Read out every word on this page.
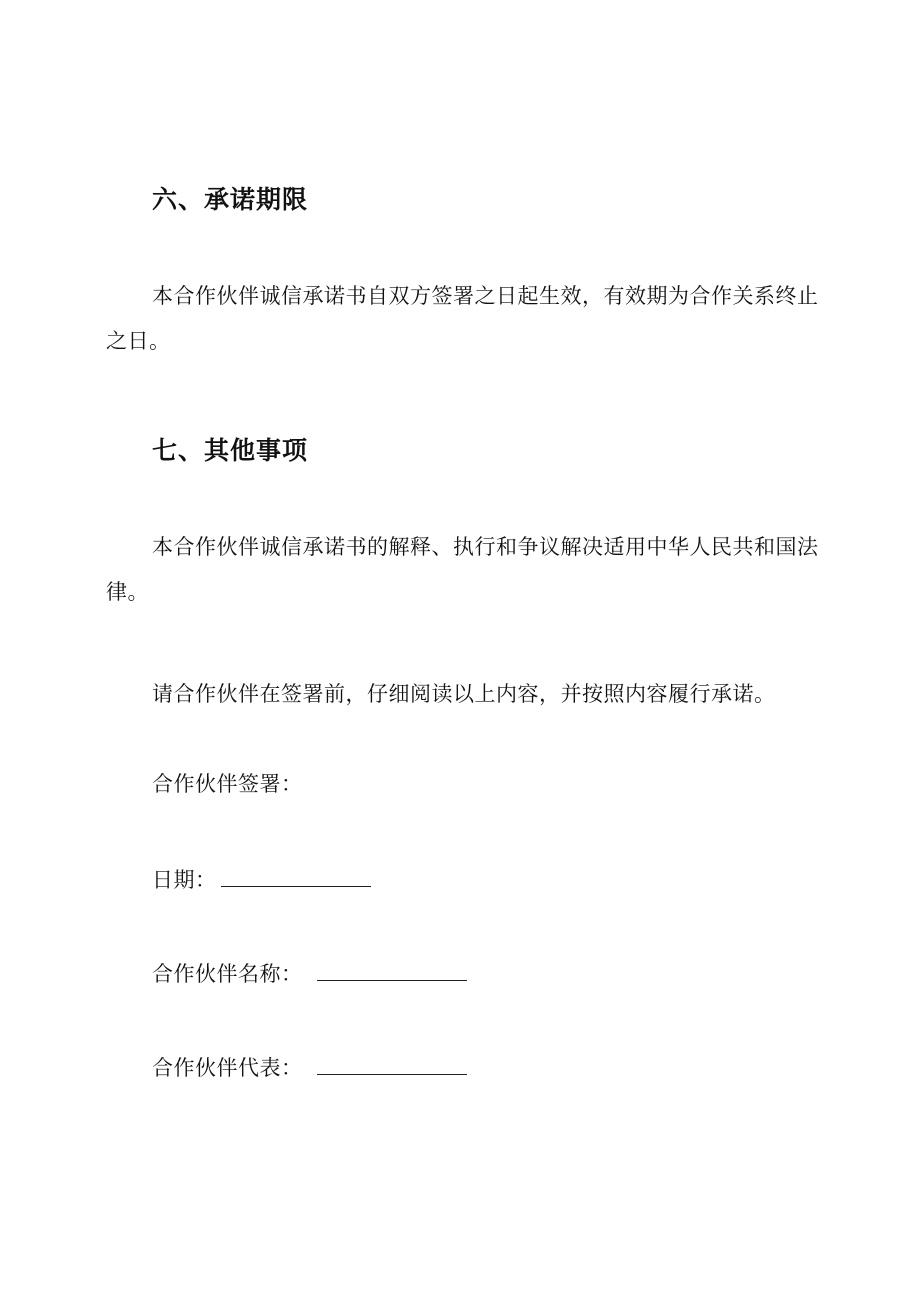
六、承诺期限

本合作伙伴诚信承诺书自双方签署之日起生效，有效期为合作关系终止之日。

七、其他事项

本合作伙伴诚信承诺书的解释、执行和争议解决适用中华人民共和国法律。

请合作伙伴在签署前，仔细阅读以上内容，并按照内容履行承诺。
合作伙伴签署：
日期：
合作伙伴名称：
合作伙伴代表：
